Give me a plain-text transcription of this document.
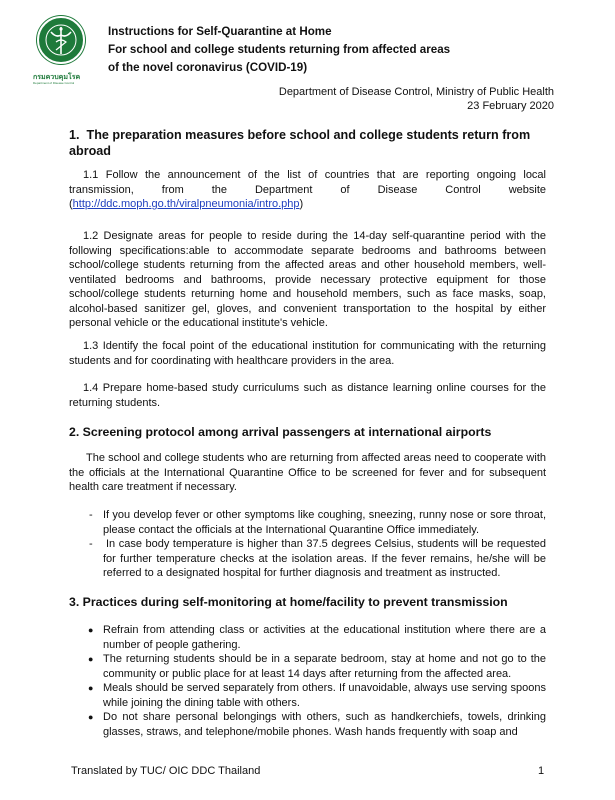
กรมควบคุมโรค
Department of Disease Control
Instructions for Self-Quarantine at Home
For school and college students returning from affected areas
of the novel coronavirus (COVID-19)
Department of Disease Control, Ministry of Public Health
23 February 2020
1. The preparation measures before school and college students return from
abroad
1.1 Follow the announcement of the list of countries that are reporting ongoing local transmission, from the Department of Disease Control website (http://ddc.moph.go.th/viralpneumonia/intro.php)
1.2 Designate areas for people to reside during the 14-day self-quarantine period with the following specifications:able to accommodate separate bedrooms and bathrooms between school/college students returning from the affected areas and other household members, well-ventilated bedrooms and bathrooms, provide necessary protective equipment for those school/college students returning home and household members, such as face masks, soap, alcohol-based sanitizer gel, gloves, and convenient transportation to the hospital by either personal vehicle or the educational institute's vehicle.
1.3 Identify the focal point of the educational institution for communicating with the returning students and for coordinating with healthcare providers in the area.
1.4 Prepare home-based study curriculums such as distance learning online courses for the returning students.
2. Screening protocol among arrival passengers at international airports
The school and college students who are returning from affected areas need to cooperate with the officials at the International Quarantine Office to be screened for fever and for subsequent health care treatment if necessary.
- If you develop fever or other symptoms like coughing, sneezing, runny nose or sore throat, please contact the officials at the International Quarantine Office immediately.
- In case body temperature is higher than 37.5 degrees Celsius, students will be requested for further temperature checks at the isolation areas. If the fever remains, he/she will be referred to a designated hospital for further diagnosis and treatment as instructed.
3. Practices during self-monitoring at home/facility to prevent transmission
● Refrain from attending class or activities at the educational institution where there are a number of people gathering.
● The returning students should be in a separate bedroom, stay at home and not go to the community or public place for at least 14 days after returning from the affected area.
● Meals should be served separately from others. If unavoidable, always use serving spoons while joining the dining table with others.
● Do not share personal belongings with others, such as handkerchiefs, towels, drinking glasses, straws, and telephone/mobile phones. Wash hands frequently with soap and
Translated by TUC/ OIC DDC Thailand	1
